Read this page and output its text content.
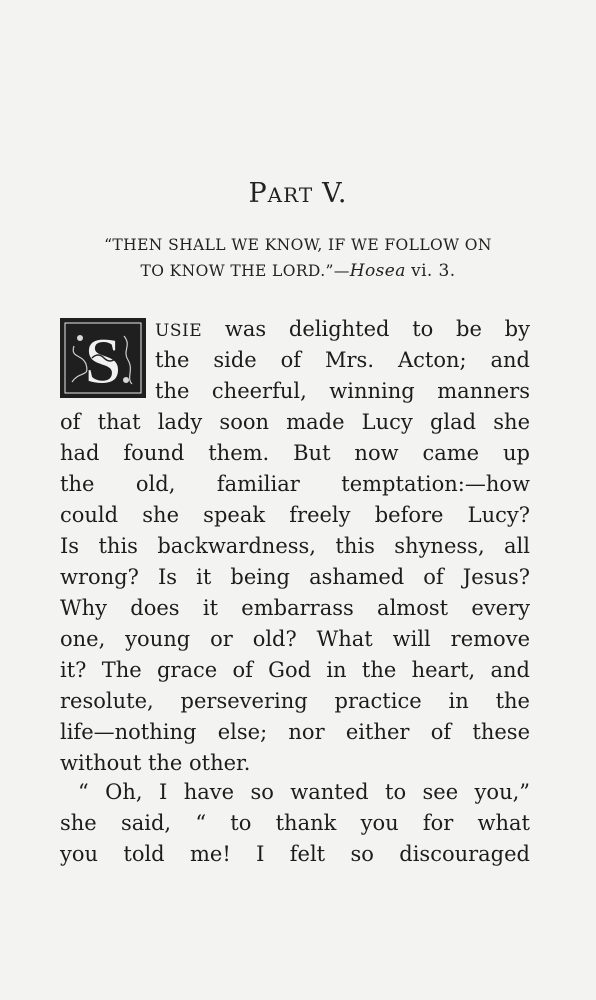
PART V.
“THEN SHALL WE KNOW, IF WE FOLLOW ON
TO KNOW THE LORD.”—Hosea vi. 3.
S USIE was delighted to be by
the side of Mrs. Acton; and
the cheerful, winning manners
of that lady soon made Lucy glad she
had found them. But now came up
the old, familiar temptation:—how
could she speak freely before Lucy?
Is this backwardness, this shyness, all
wrong? Is it being ashamed of Jesus?
Why does it embarrass almost every
one, young or old? What will remove
it? The grace of God in the heart, and
resolute, persevering practice in the
life—nothing else; nor either of these
without the other.
“ Oh, I have so wanted to see you,”
she said, “ to thank you for what
you told me! I felt so discouraged
